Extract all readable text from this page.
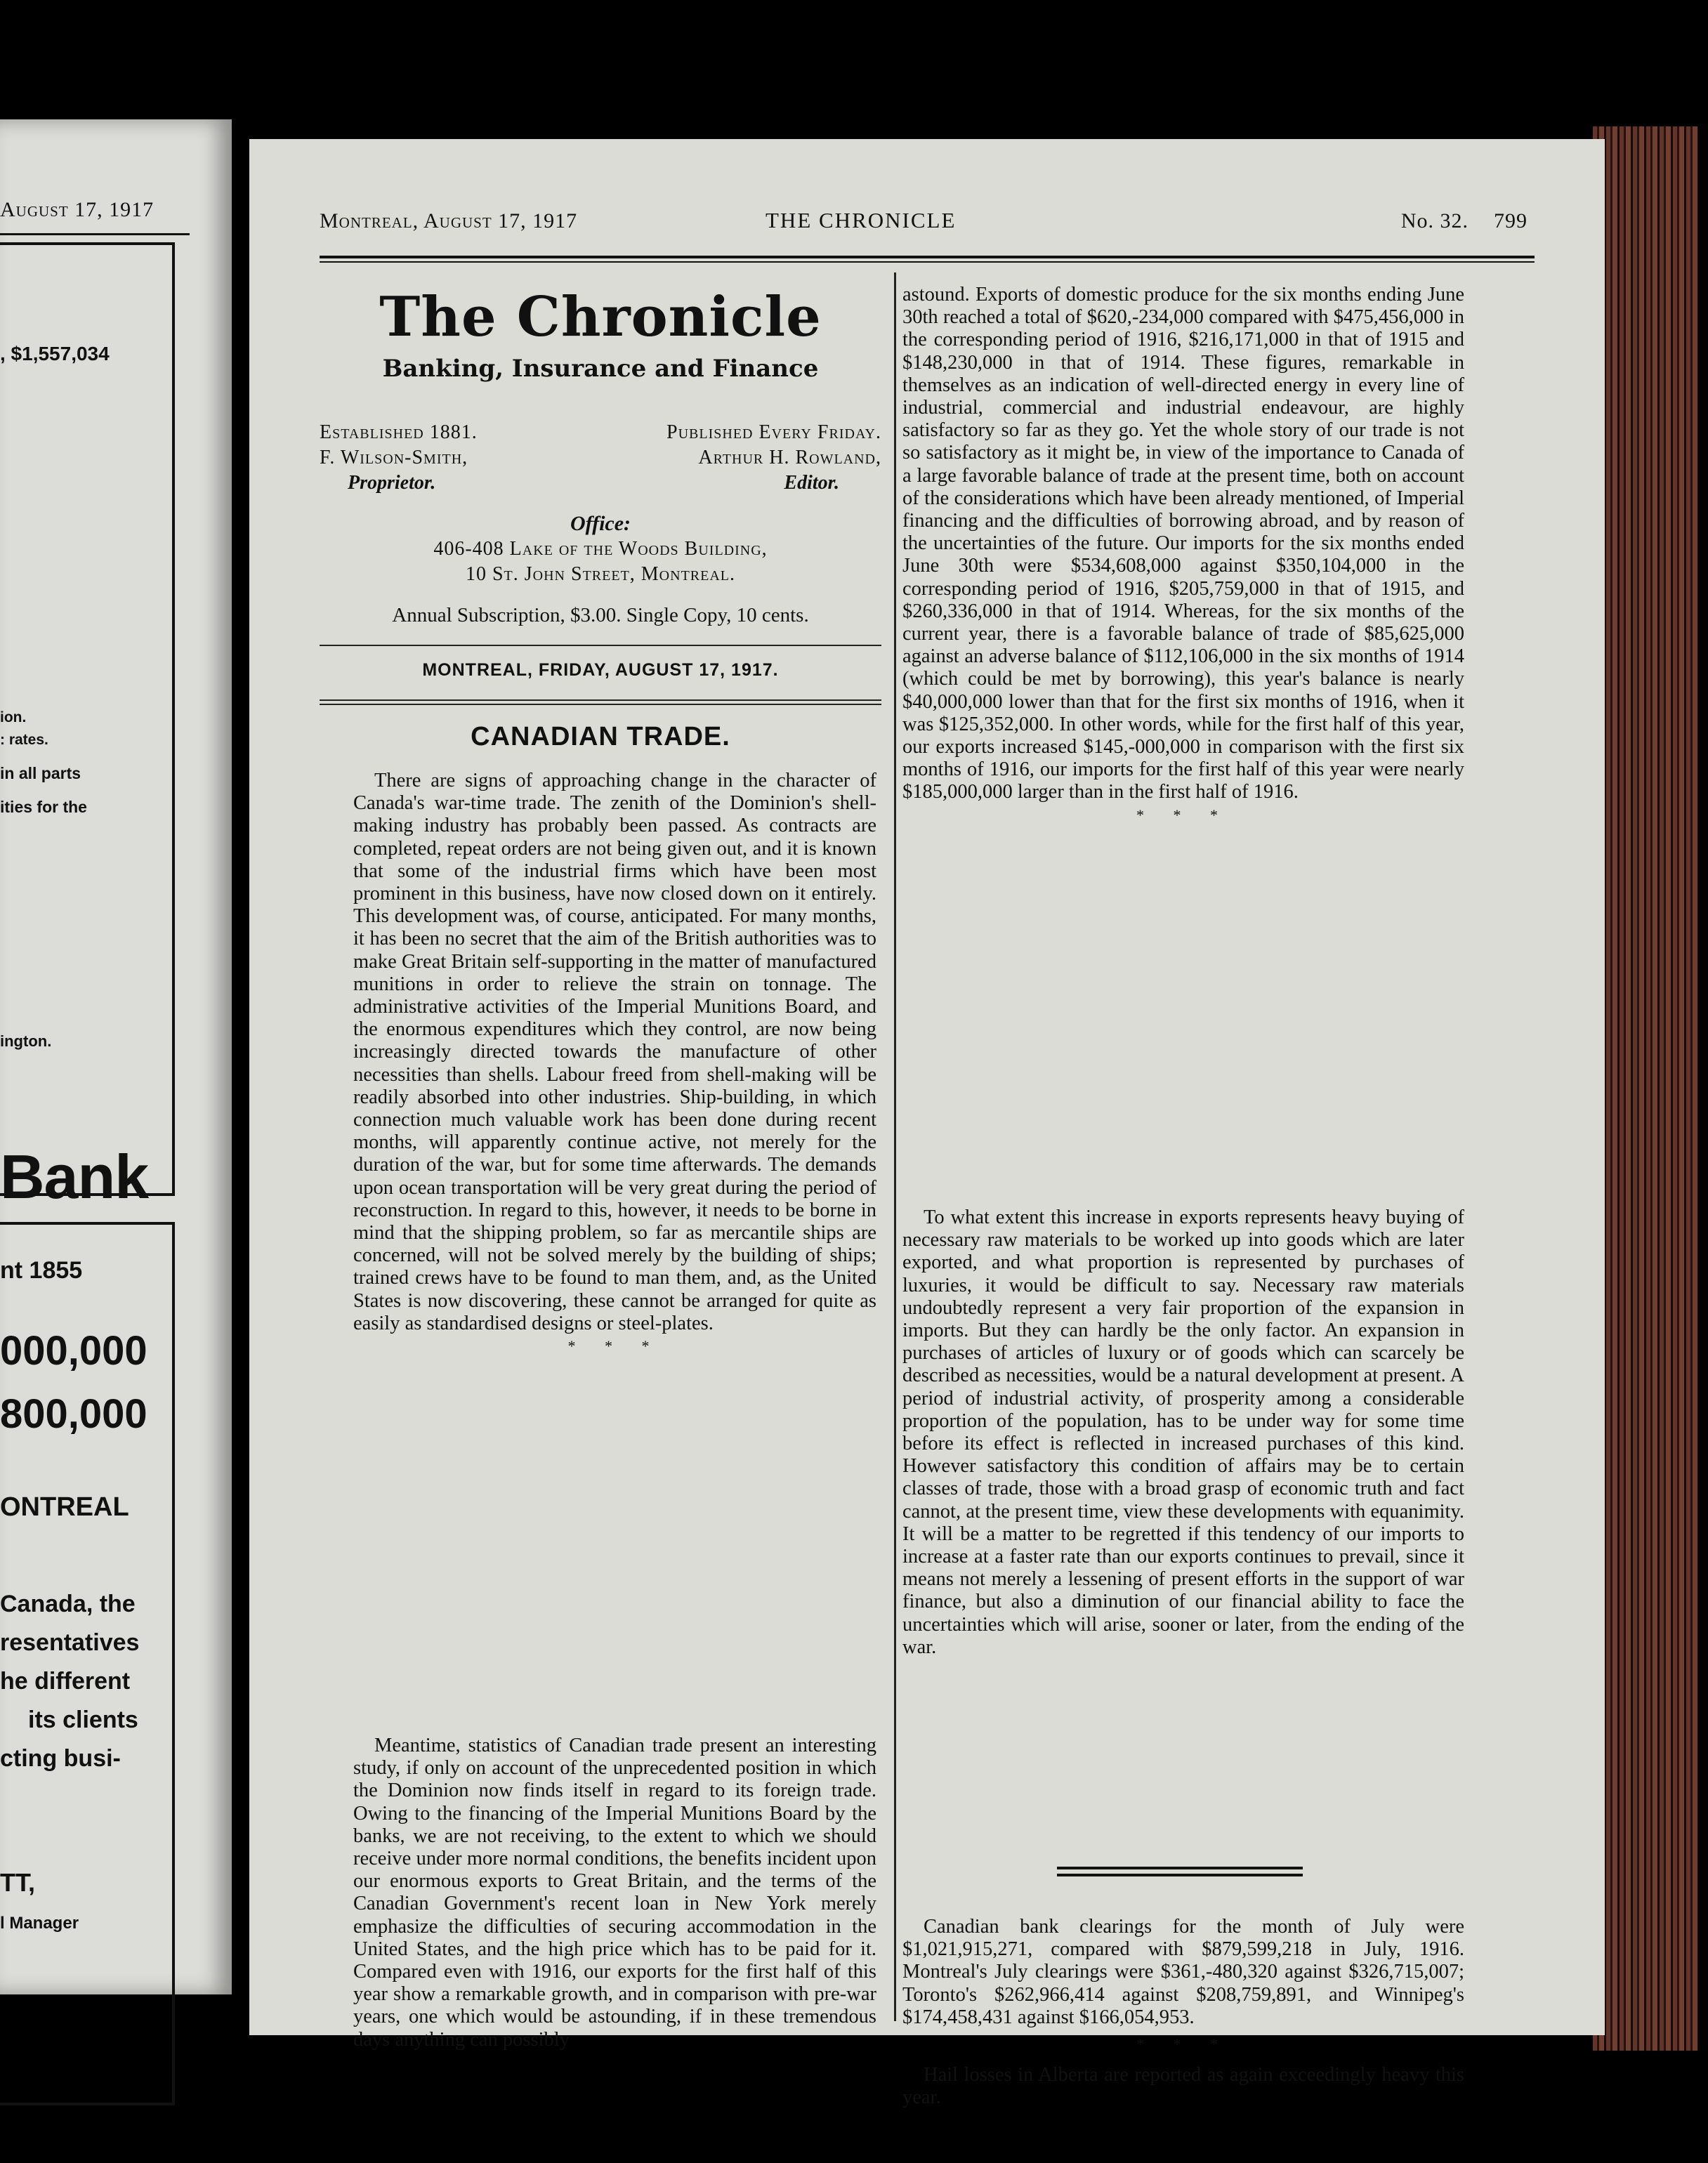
August 17, 1917
, $1,557,034
ion.
: rates.
in all parts
ities for the
ington.
Bank
nt 1855
000,000
800,000
ONTREAL
Canada, the
resentatives
he different
its clients
cting busi-
TT,
l Manager
Montreal, August 17, 1917	THE CHRONICLE	No. 32. 799
The Chronicle
Banking, Insurance and Finance
Established 1881.
F. Wilson-Smith,
Proprietor.
Published Every Friday.
Arthur H. Rowland,
Editor.
Office:
406-408 Lake of the Woods Building,
10 St. John Street, Montreal.
Annual Subscription, $3.00. Single Copy, 10 cents.
MONTREAL, FRIDAY, AUGUST 17, 1917.
CANADIAN TRADE.

There are signs of approaching change in the character of Canada's war-time trade. The zenith of the Dominion's shell-making industry has probably been passed. As contracts are completed, repeat orders are not being given out, and it is known that some of the industrial firms which have been most prominent in this business, have now closed down on it entirely. This development was, of course, anticipated. For many months, it has been no secret that the aim of the British authorities was to make Great Britain self-supporting in the matter of manufactured munitions in order to relieve the strain on tonnage. The administrative activities of the Imperial Munitions Board, and the enormous expenditures which they control, are now being increasingly directed towards the manufacture of other necessities than shells. Labour freed from shell-making will be readily absorbed into other industries. Ship-building, in which connection much valuable work has been done during recent months, will apparently continue active, not merely for the duration of the war, but for some time afterwards. The demands upon ocean transportation will be very great during the period of reconstruction. In regard to this, however, it needs to be borne in mind that the shipping problem, so far as mercantile ships are concerned, will not be solved merely by the building of ships; trained crews have to be found to man them, and, as the United States is now discovering, these cannot be arranged for quite as easily as standardised designs or steel-plates.

* * *

Meantime, statistics of Canadian trade present an interesting study, if only on account of the unprecedented position in which the Dominion now finds itself in regard to its foreign trade. Owing to the financing of the Imperial Munitions Board by the banks, we are not receiving, to the extent to which we should receive under more normal conditions, the benefits incident upon our enormous exports to Great Britain, and the terms of the Canadian Government's recent loan in New York merely emphasize the difficulties of securing accommodation in the United States, and the high price which has to be paid for it. Compared even with 1916, our exports for the first half of this year show a remarkable growth, and in comparison with pre-war years, one which would be astounding, if in these tremendous days anything can possibly

astound. Exports of domestic produce for the six months ending June 30th reached a total of $620,-234,000 compared with $475,456,000 in the corresponding period of 1916, $216,171,000 in that of 1915 and $148,230,000 in that of 1914. These figures, remarkable in themselves as an indication of well-directed energy in every line of industrial, commercial and industrial endeavour, are highly satisfactory so far as they go. Yet the whole story of our trade is not so satisfactory as it might be, in view of the importance to Canada of a large favorable balance of trade at the present time, both on account of the considerations which have been already mentioned, of Imperial financing and the difficulties of borrowing abroad, and by reason of the uncertainties of the future. Our imports for the six months ended June 30th were $534,608,000 against $350,104,000 in the corresponding period of 1916, $205,759,000 in that of 1915, and $260,336,000 in that of 1914. Whereas, for the six months of the current year, there is a favorable balance of trade of $85,625,000 against an adverse balance of $112,106,000 in the six months of 1914 (which could be met by borrowing), this year's balance is nearly $40,000,000 lower than that for the first six months of 1916, when it was $125,352,000. In other words, while for the first half of this year, our exports increased $145,-000,000 in comparison with the first six months of 1916, our imports for the first half of this year were nearly $185,000,000 larger than in the first half of 1916.

* * *

To what extent this increase in exports represents heavy buying of necessary raw materials to be worked up into goods which are later exported, and what proportion is represented by purchases of luxuries, it would be difficult to say. Necessary raw materials undoubtedly represent a very fair proportion of the expansion in imports. But they can hardly be the only factor. An expansion in purchases of articles of luxury or of goods which can scarcely be described as necessities, would be a natural development at present. A period of industrial activity, of prosperity among a considerable proportion of the population, has to be under way for some time before its effect is reflected in increased purchases of this kind. However satisfactory this condition of affairs may be to certain classes of trade, those with a broad grasp of economic truth and fact cannot, at the present time, view these developments with equanimity. It will be a matter to be regretted if this tendency of our imports to increase at a faster rate than our exports continues to prevail, since it means not merely a lessening of present efforts in the support of war finance, but also a diminution of our financial ability to face the uncertainties which will arise, sooner or later, from the ending of the war.

Canadian bank clearings for the month of July were $1,021,915,271, compared with $879,599,218 in July, 1916. Montreal's July clearings were $361,-480,320 against $326,715,007; Toronto's $262,966,414 against $208,759,891, and Winnipeg's $174,458,431 against $166,054,953.

* * *

Hail losses in Alberta are reported as again exceedingly heavy this year.
